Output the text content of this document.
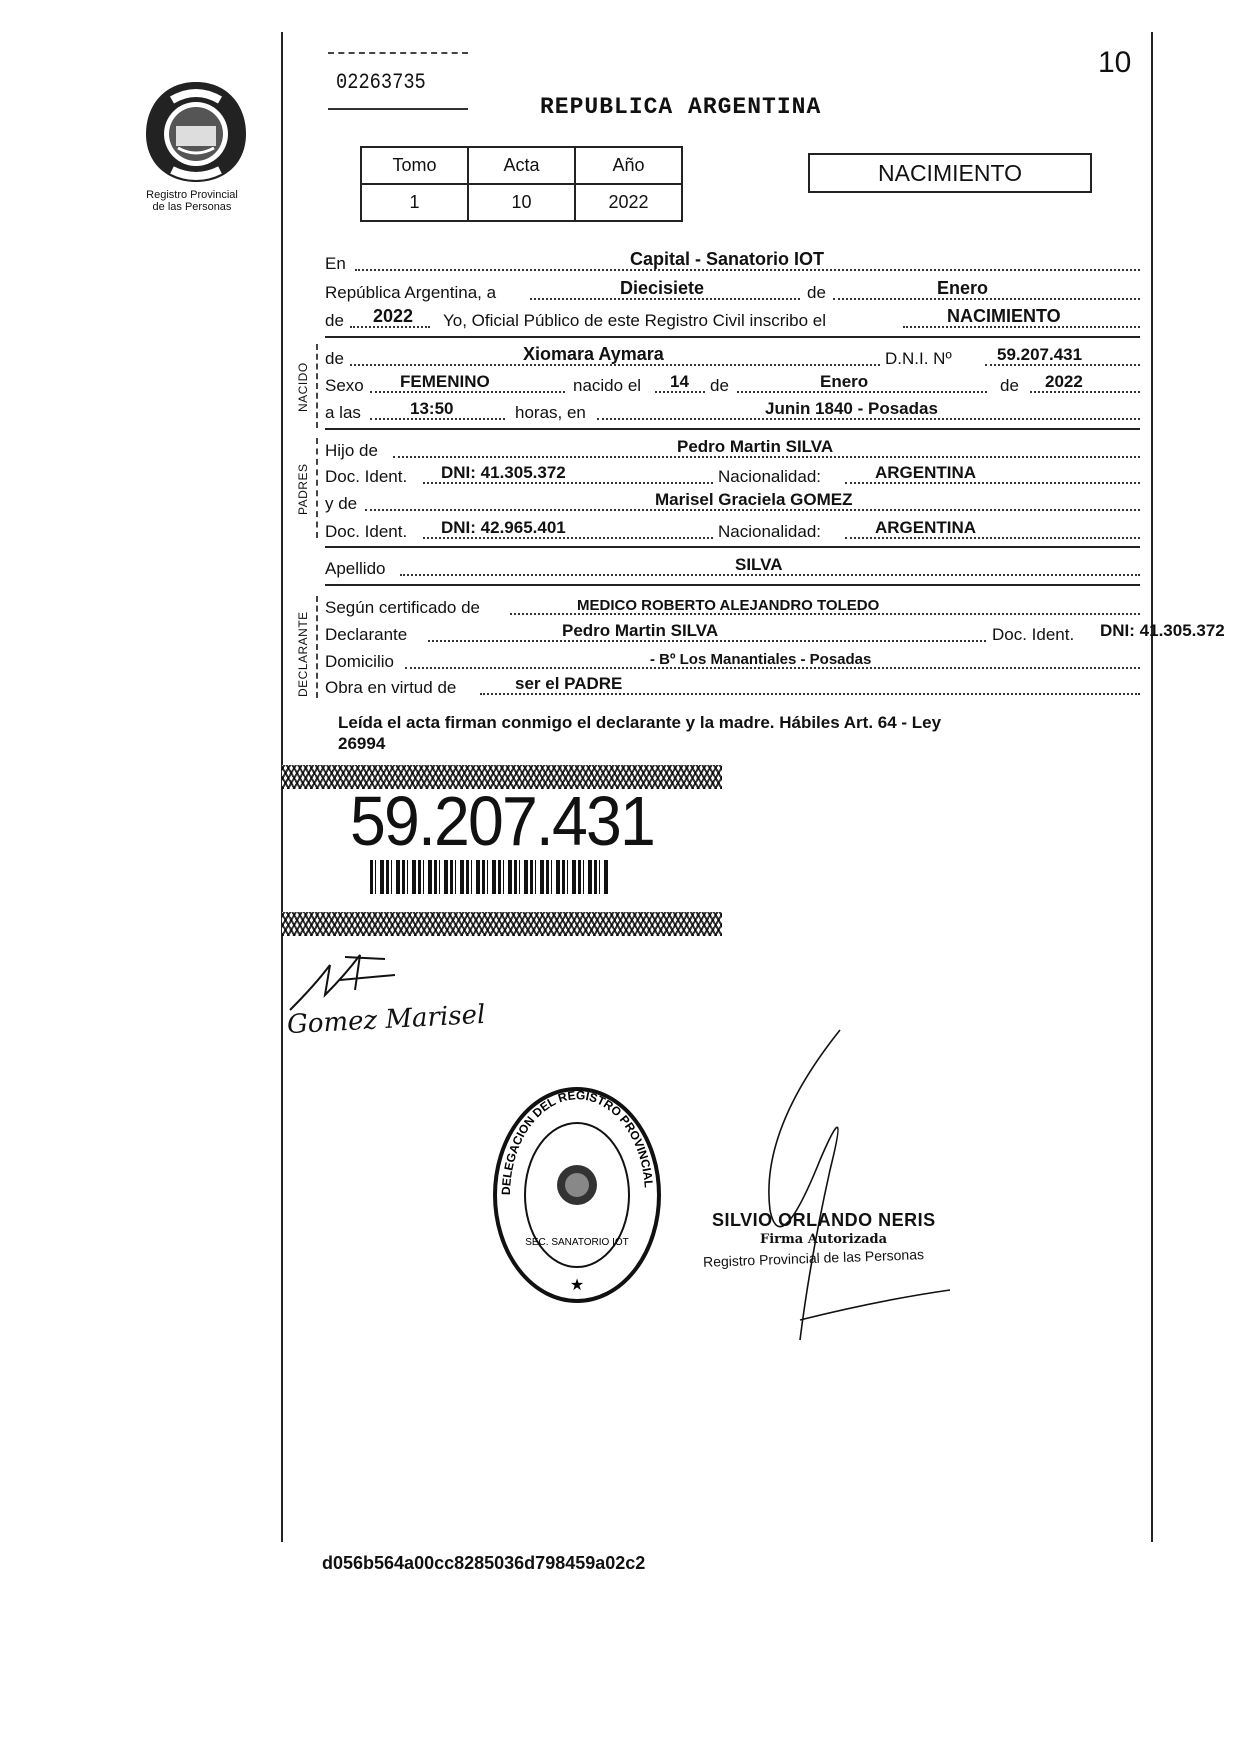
Registro Provincial
de las Personas
10
02263735
REPUBLICA ARGENTINA
Tomo	Acta	Año
1	10	2022
NACIMIENTO
En	Capital - Sanatorio IOT
República Argentina, a	Diecisiete	de	Enero
de 2022 Yo, Oficial Público de este Registro Civil inscribo el	NACIMIENTO
NACIDO
de	Xiomara Aymara	D.N.I. Nº	59.207.431
Sexo FEMENINO	nacido el 14 de	Enero	de 2022
a las	13:50	horas, en	Junin 1840 - Posadas
PADRES
Hijo de	Pedro Martin SILVA
Doc. Ident. DNI: 41.305.372	Nacionalidad:	ARGENTINA
y de	Marisel Graciela GOMEZ
Doc. Ident. DNI: 42.965.401	Nacionalidad:	ARGENTINA
Apellido	SILVA
DECLARANTE
Según certificado de	MEDICO ROBERTO ALEJANDRO TOLEDO
Declarante	Pedro Martin SILVA	Doc. Ident. DNI: 41.305.372
Domicilio	- Bº Los Manantiales - Posadas
Obra en virtud de	ser el PADRE
Leída el acta firman conmigo el declarante y la madre. Hábiles Art. 64 - Ley
26994
59.207.431
Gomez Marisel
DELEGACION DEL REGISTRO PROVINCIAL
SEC. SANATORIO IOT
★
SILVIO ORLANDO NERIS
Firma Autorizada
Registro Provincial de las Personas
d056b564a00cc8285036d798459a02c2
